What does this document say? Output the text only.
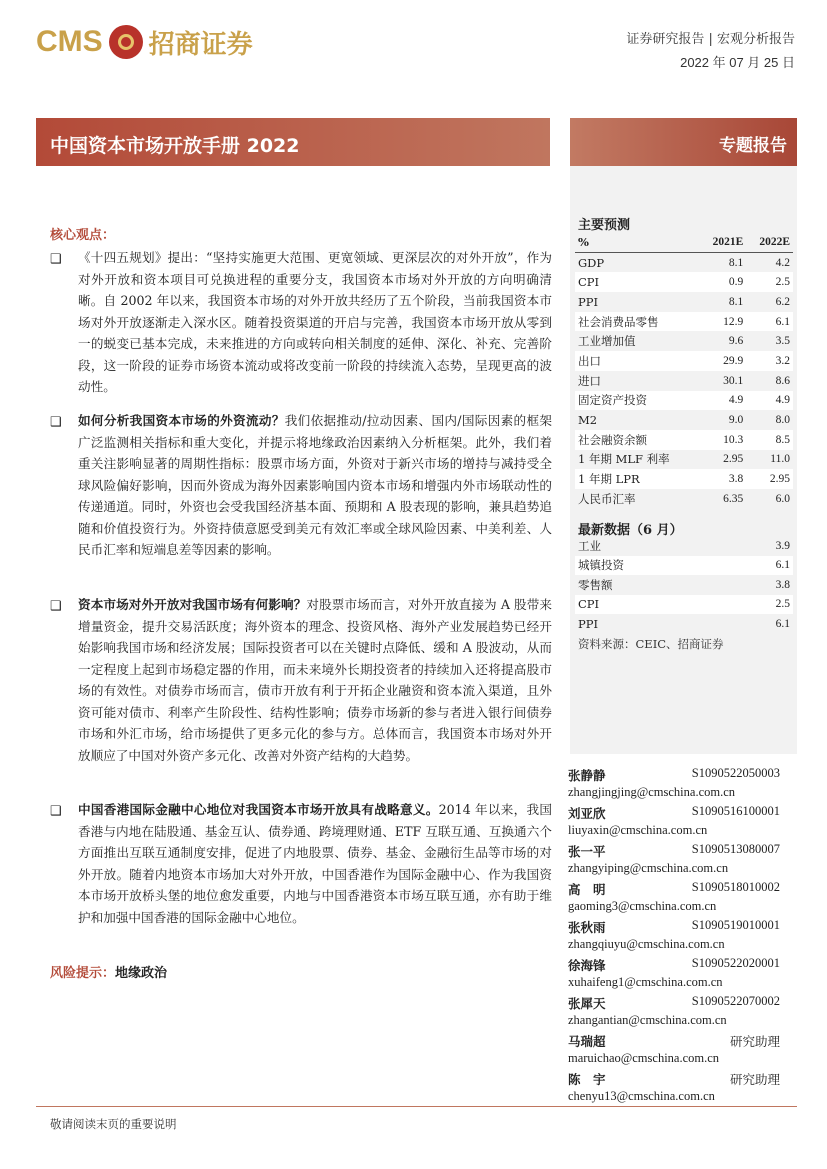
CMS 招商证券	证券研究报告 | 宏观分析报告
2022 年 07 月 25 日
中国资本市场开放手册 2022	专题报告
核心观点：
❑ 《十四五规划》提出：“坚持实施更大范围、更宽领域、更深层次的对外开放”，作为对外开放和资本项目可兑换进程的重要分支，我国资本市场对外开放的方向明确清晰。自 2002 年以来，我国资本市场的对外开放共经历了五个阶段，当前我国资本市场对外开放逐渐走入深水区。随着投资渠道的开启与完善，我国资本市场开放从零到一的蜕变已基本完成，未来推进的方向或转向相关制度的延伸、深化、补充、完善阶段，这一阶段的证券市场资本流动或将改变前一阶段的持续流入态势，呈现更高的波动性。
❑ 如何分析我国资本市场的外资流动？我们依据推动/拉动因素、国内/国际因素的框架广泛监测相关指标和重大变化，并提示将地缘政治因素纳入分析框架。此外，我们着重关注影响显著的周期性指标：股票市场方面，外资对于新兴市场的增持与减持受全球风险偏好影响，因而外资成为海外因素影响国内资本市场和增强内外市场联动性的传递通道。同时，外资也会受我国经济基本面、预期和 A 股表现的影响，兼具趋势追随和价值投资行为。外资持债意愿受到美元有效汇率或全球风险因素、中美利差、人民币汇率和短端息差等因素的影响。
❑ 资本市场对外开放对我国市场有何影响？对股票市场而言，对外开放直接为 A 股带来增量资金，提升交易活跃度；海外资本的理念、投资风格、海外产业发展趋势已经开始影响我国市场和经济发展；国际投资者可以在关键时点降低、缓和 A 股波动，从而一定程度上起到市场稳定器的作用，而未来境外长期投资者的持续加入还将提高股市场的有效性。对债券市场而言，债市开放有利于开拓企业融资和资本流入渠道，且外资可能对债市、利率产生阶段性、结构性影响；债券市场新的参与者进入银行间债券市场和外汇市场，给市场提供了更多元化的参与方。总体而言，我国资本市场对外开放顺应了中国对外资产多元化、改善对外资产结构的大趋势。
❑ 中国香港国际金融中心地位对我国资本市场开放具有战略意义。2014 年以来，我国香港与内地在陆股通、基金互认、债券通、跨境理财通、ETF 互联互通、互换通六个方面推出互联互通制度安排，促进了内地股票、债券、基金、金融衍生品等市场的对外开放。随着内地资本市场加大对外开放，中国香港作为国际金融中心、作为我国资本市场开放桥头堡的地位愈发重要，内地与中国香港资本市场互联互通，亦有助于维护和加强中国香港的国际金融中心地位。
风险提示：地缘政治
主要预测
%	2021E	2022E
GDP	8.1	4.2
CPI	0.9	2.5
PPI	8.1	6.2
社会消费品零售	12.9	6.1
工业增加值	9.6	3.5
出口	29.9	3.2
进口	30.1	8.6
固定资产投资	4.9	4.9
M2	9.0	8.0
社会融资余额	10.3	8.5
1 年期 MLF 利率	2.95	11.0
1 年期 LPR	3.8	2.95
人民币汇率	6.35	6.0
最新数据（6 月）
工业	3.9
城镇投资	6.1
零售额	3.8
CPI	2.5
PPI	6.1
资料来源：CEIC、招商证券
张静静	S1090522050003
zhangjingjing@cmschina.com.cn
刘亚欣	S1090516100001
liuyaxin@cmschina.com.cn
张一平	S1090513080007
zhangyiping@cmschina.com.cn
高　明	S1090518010002
gaoming3@cmschina.com.cn
张秋雨	S1090519010001
zhangqiuyu@cmschina.com.cn
徐海锋	S1090522020001
xuhaifeng1@cmschina.com.cn
张犀天	S1090522070002
zhangantian@cmschina.com.cn
马瑞超	研究助理
maruichao@cmschina.com.cn
陈　宇	研究助理
chenyu13@cmschina.com.cn
敬请阅读末页的重要说明
